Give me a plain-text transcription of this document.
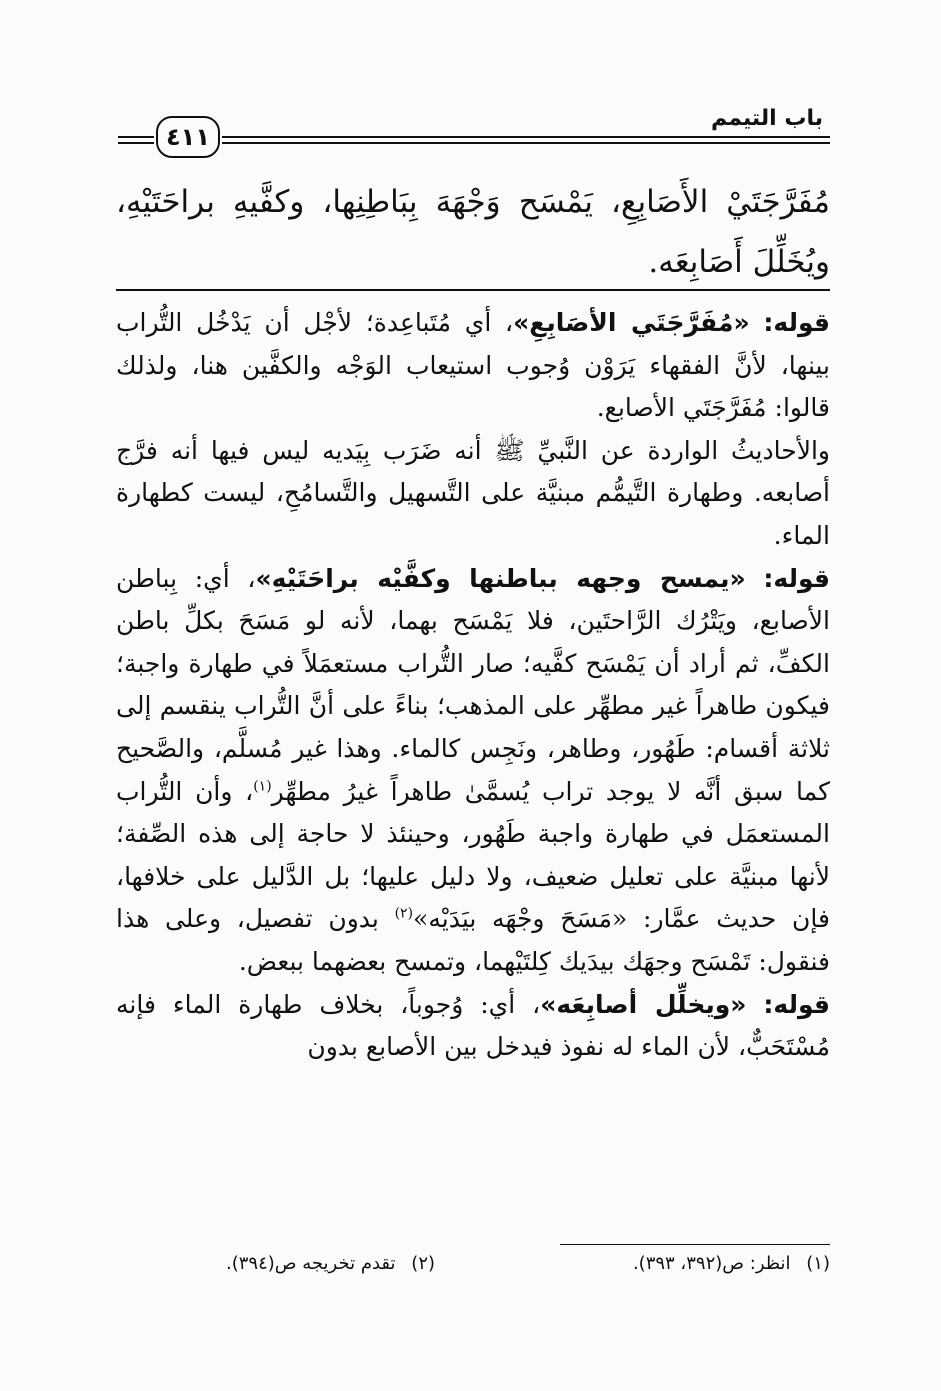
باب التيمم
٤١١
مُفَرَّجَتَيْ الأَصَابِعِ، يَمْسَح وَجْهَهَ بِبَاطِنِها، وكفَّيهِ براحَتَيْهِ، ويُخَلِّلَ أَصَابِعَه.

قوله: «مُفَرَّجَتَي الأصَابِعِ»، أي مُتَباعِدة؛ لأجْل أن يَدْخُل التُّراب بينها، لأنَّ الفقهاء يَرَوْن وُجوب استيعاب الوَجْه والكفَّين هنا، ولذلك قالوا: مُفَرَّجَتَي الأصابع.

والأحاديثُ الواردة عن النَّبيِّ ﷺ أنه ضَرَب بِيَديه ليس فيها أنه فرَّج أصابعه. وطهارة التَّيمُّم مبنيَّة على التَّسهيل والتَّسامُحِ، ليست كطهارة الماء.

قوله: «يمسح وجهه بباطنها وكفَّيْه براحَتَيْهِ»، أي: بِباطن الأصابع، ويَتْرُك الرَّاحتَين، فلا يَمْسَح بهما، لأنه لو مَسَحَ بكلِّ باطن الكفِّ، ثم أراد أن يَمْسَح كفَّيه؛ صار التُّراب مستعمَلاً في طهارة واجبة؛ فيكون طاهراً غير مطهِّر على المذهب؛ بناءً على أنَّ التُّراب ينقسم إلى ثلاثة أقسام: طَهُور، وطاهر، ونَجِس كالماء. وهذا غير مُسلَّم، والصَّحيح كما سبق أنَّه لا يوجد تراب يُسمَّىٰ طاهراً غيرُ مطهِّر$^{(١)}$، وأن التُّراب المستعمَل في طهارة واجبة طَهُور، وحينئذ لا حاجة إلى هذه الصِّفة؛ لأنها مبنيَّة على تعليل ضعيف، ولا دليل عليها؛ بل الدَّليل على خلافها، فإن حديث عمَّار: «مَسَحَ وجْهَه بيَدَيْه»$^{(٢)}$ بدون تفصيل، وعلى هذا فنقول: تَمْسَح وجهَك بيدَيك كِلتَيْهما، وتمسح بعضهما ببعض.

قوله: «ويخلِّل أصابِعَه»، أي: وُجوباً، بخلاف طهارة الماء فإنه مُسْتَحَبٌّ، لأن الماء له نفوذ فيدخل بين الأصابع بدون

(١) انظر: ص(٣٩٢، ٣٩٣).
(٢) تقدم تخريجه ص(٣٩٤).
